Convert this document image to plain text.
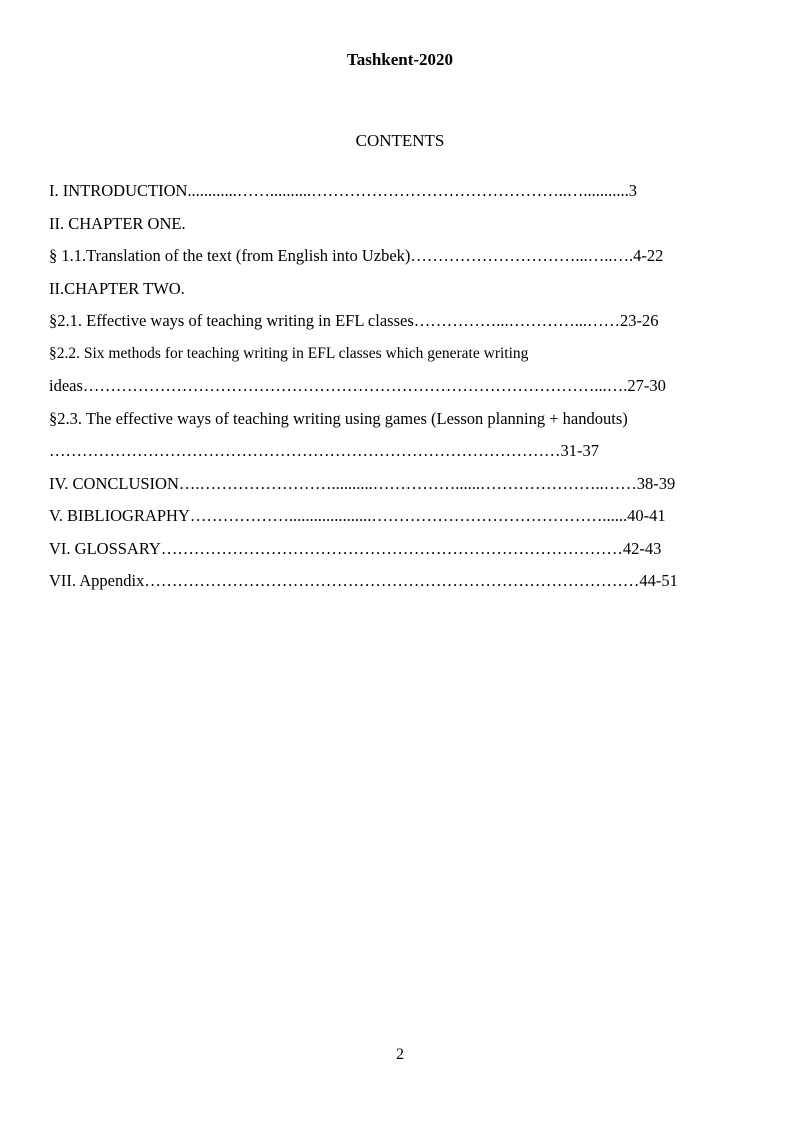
Tashkent-2020
CONTENTS
I. INTRODUCTION............……..........………………………………………..…...........3
II. CHAPTER ONE.
§ 1.1.Translation of the text (from English into Uzbek)…………………………...…..….4-22
II.CHAPTER TWO.
§2.1. Effective ways of teaching writing in EFL classes……………...…………...……23-26
§2.2. Six methods for teaching writing in EFL classes which generate writing
ideas…………………………………………………………………………………...….27-30
§2.3. The effective ways of teaching writing using games (Lesson planning + handouts)
…………………………………………………………………………………31-37
IV. CONCLUSION….……………………..........……………......…………………..……38-39
V. BIBLIOGRAPHY………………....................……………………………………......40-41
VI. GLOSSARY…………………………………………………………………………42-43
VII. Appendix………………………………………………………………………………44-51
2
